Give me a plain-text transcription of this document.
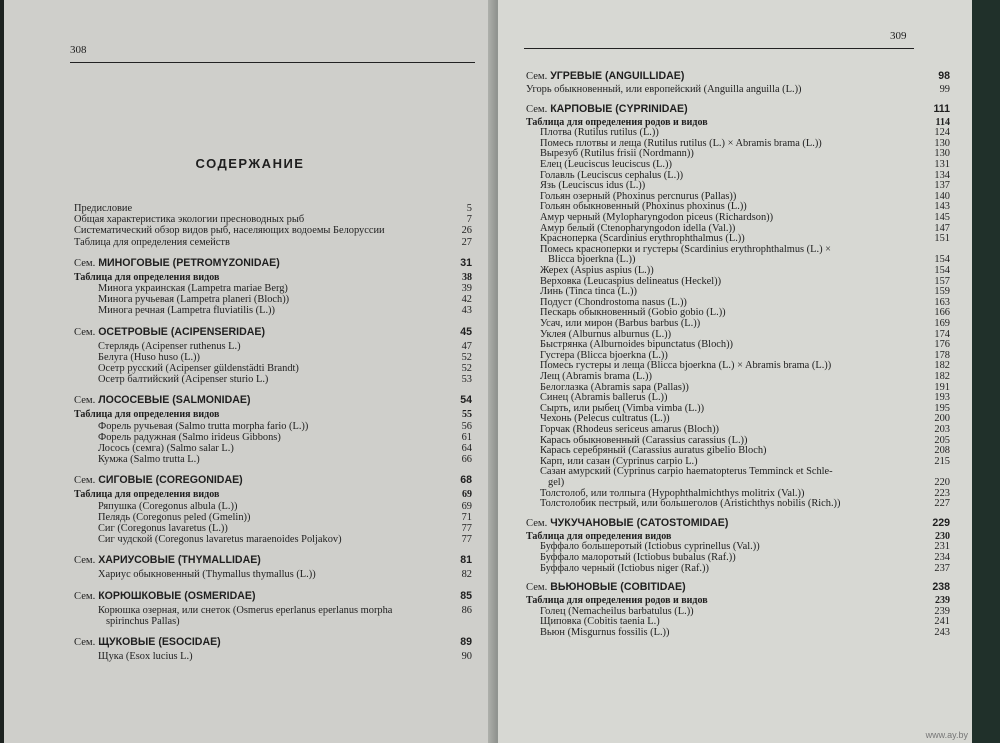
308
СОДЕРЖАНИЕ
Предисловие	5
Общая характеристика экологии пресноводных рыб	7
Систематический обзор видов рыб, населяющих водоемы Белоруссии	26
Таблица для определения семейств	27
Сем. МИНОГОВЫЕ (PETROMYZONIDAE)	31
Таблица для определения видов	38
Минога украинская (Lampetra mariae Berg)	39
Минога ручьевая (Lampetra planeri (Bloch))	42
Минога речная (Lampetra fluviatilis (L.))	43
Сем. ОСЕТРОВЫЕ (ACIPENSERIDAE)	45
Стерлядь (Acipenser ruthenus L.)	47
Белуга (Huso huso (L.))	52
Осетр русский (Acipenser güldenstädti Brandt)	52
Осетр балтийский (Acipenser sturio L.)	53
Сем. ЛОСОСЕВЫЕ (SALMONIDAE)	54
Таблица для определения видов	55
Форель ручьевая (Salmo trutta morpha fario (L.))	56
Форель радужная (Salmo irideus Gibbons)	61
Лосось (семга) (Salmo salar L.)	64
Кумжа (Salmo trutta L.)	66
Сем. СИГОВЫЕ (COREGONIDAE)	68
Таблица для определения видов	69
Ряпушка (Coregonus albula (L.))	69
Пелядь (Coregonus peled (Gmelin))	71
Сиг (Coregonus lavaretus (L.))	77
Сиг чудской (Coregonus lavaretus maraenoides Poljakov)	77
Сем. ХАРИУСОВЫЕ (THYMALLIDAE)	81
Хариус обыкновенный (Thymallus thymallus (L.))	82
Сем. КОРЮШКОВЫЕ (OSMERIDAE)	85
Корюшка озерная, или снеток (Osmerus eperlanus eperlanus morpha	86
spirinchus Pallas)
Сем. ЩУКОВЫЕ (ESOCIDAE)	89
Щука (Esox lucius L.)	90
309
Сем. УГРЕВЫЕ (ANGUILLIDAE)	98
Угорь обыкновенный, или европейский (Anguilla anguilla (L.))	99
Сем. КАРПОВЫЕ (CYPRINIDAE)	111
Таблица для определения родов и видов	114
Плотва (Rutilus rutilus (L.))	124
Помесь плотвы и леща (Rutilus rutilus (L.) × Abramis brama (L.))	130
Вырезуб (Rutilus frisii (Nordmann))	130
Елец (Leuciscus leuciscus (L.))	131
Голавль (Leuciscus cephalus (L.))	134
Язь (Leuciscus idus (L.))	137
Гольян озерный (Phoxinus percnurus (Pallas))	140
Гольян обыкновенный (Phoxinus phoxinus (L.))	143
Амур черный (Mylopharyngodon piceus (Richardson))	145
Амур белый (Ctenopharyngodon idella (Val.))	147
Красноперка (Scardinius erythrophthalmus (L.))	151
Помесь красноперки и густеры (Scardinius erythrophthalmus (L.) ×
Blicca bjoerkna (L.))	154
Жерех (Aspius aspius (L.))	154
Верховка (Leucaspius delineatus (Heckel))	157
Линь (Tinca tinca (L.))	159
Подуст (Chondrostoma nasus (L.))	163
Пескарь обыкновенный (Gobio gobio (L.))	166
Усач, или мирон (Barbus barbus (L.))	169
Уклея (Alburnus alburnus (L.))	174
Быстрянка (Alburnoides bipunctatus (Bloch))	176
Густера (Blicca bjoerkna (L.))	178
Помесь густеры и леща (Blicca bjoerkna (L.) × Abramis brama (L.))	182
Лещ (Abramis brama (L.))	182
Белоглазка (Abramis sapa (Pallas))	191
Синец (Abramis ballerus (L.))	193
Сырть, или рыбец (Vimba vimba (L.))	195
Чехонь (Pelecus cultratus (L.))	200
Горчак (Rhodeus sericeus amarus (Bloch))	203
Карась обыкновенный (Carassius carassius (L.))	205
Карась серебряный (Carassius auratus gibelio Bloch)	208
Карп, или сазан (Cyprinus carpio L.)	215
Сазан амурский (Cyprinus carpio haematopterus Temminck et Schle-
gel)	220
Толстолоб, или толпыга (Hypophthalmichthys molitrix (Val.))	223
Толстолобик пестрый, или большеголов (Aristichthys nobilis (Rich.))	227
Сем. ЧУКУЧАНОВЫЕ (CATOSTOMIDAE)	229
Таблица для определения видов	230
Буффало большеротый (Ictiobus cyprinellus (Val.))	231
Буффало малоротый (Ictiobus bubalus (Raf.))	234
Буффало черный (Ictiobus niger (Raf.))	237
Сем. ВЬЮНОВЫЕ (COBITIDAE)	238
Таблица для определения родов и видов	239
Голец (Nemacheilus barbatulus (L.))	239
Щиповка (Cobitis taenia L.)	241
Вьюн (Misgurnus fossilis (L.))	243
www.ay.by
